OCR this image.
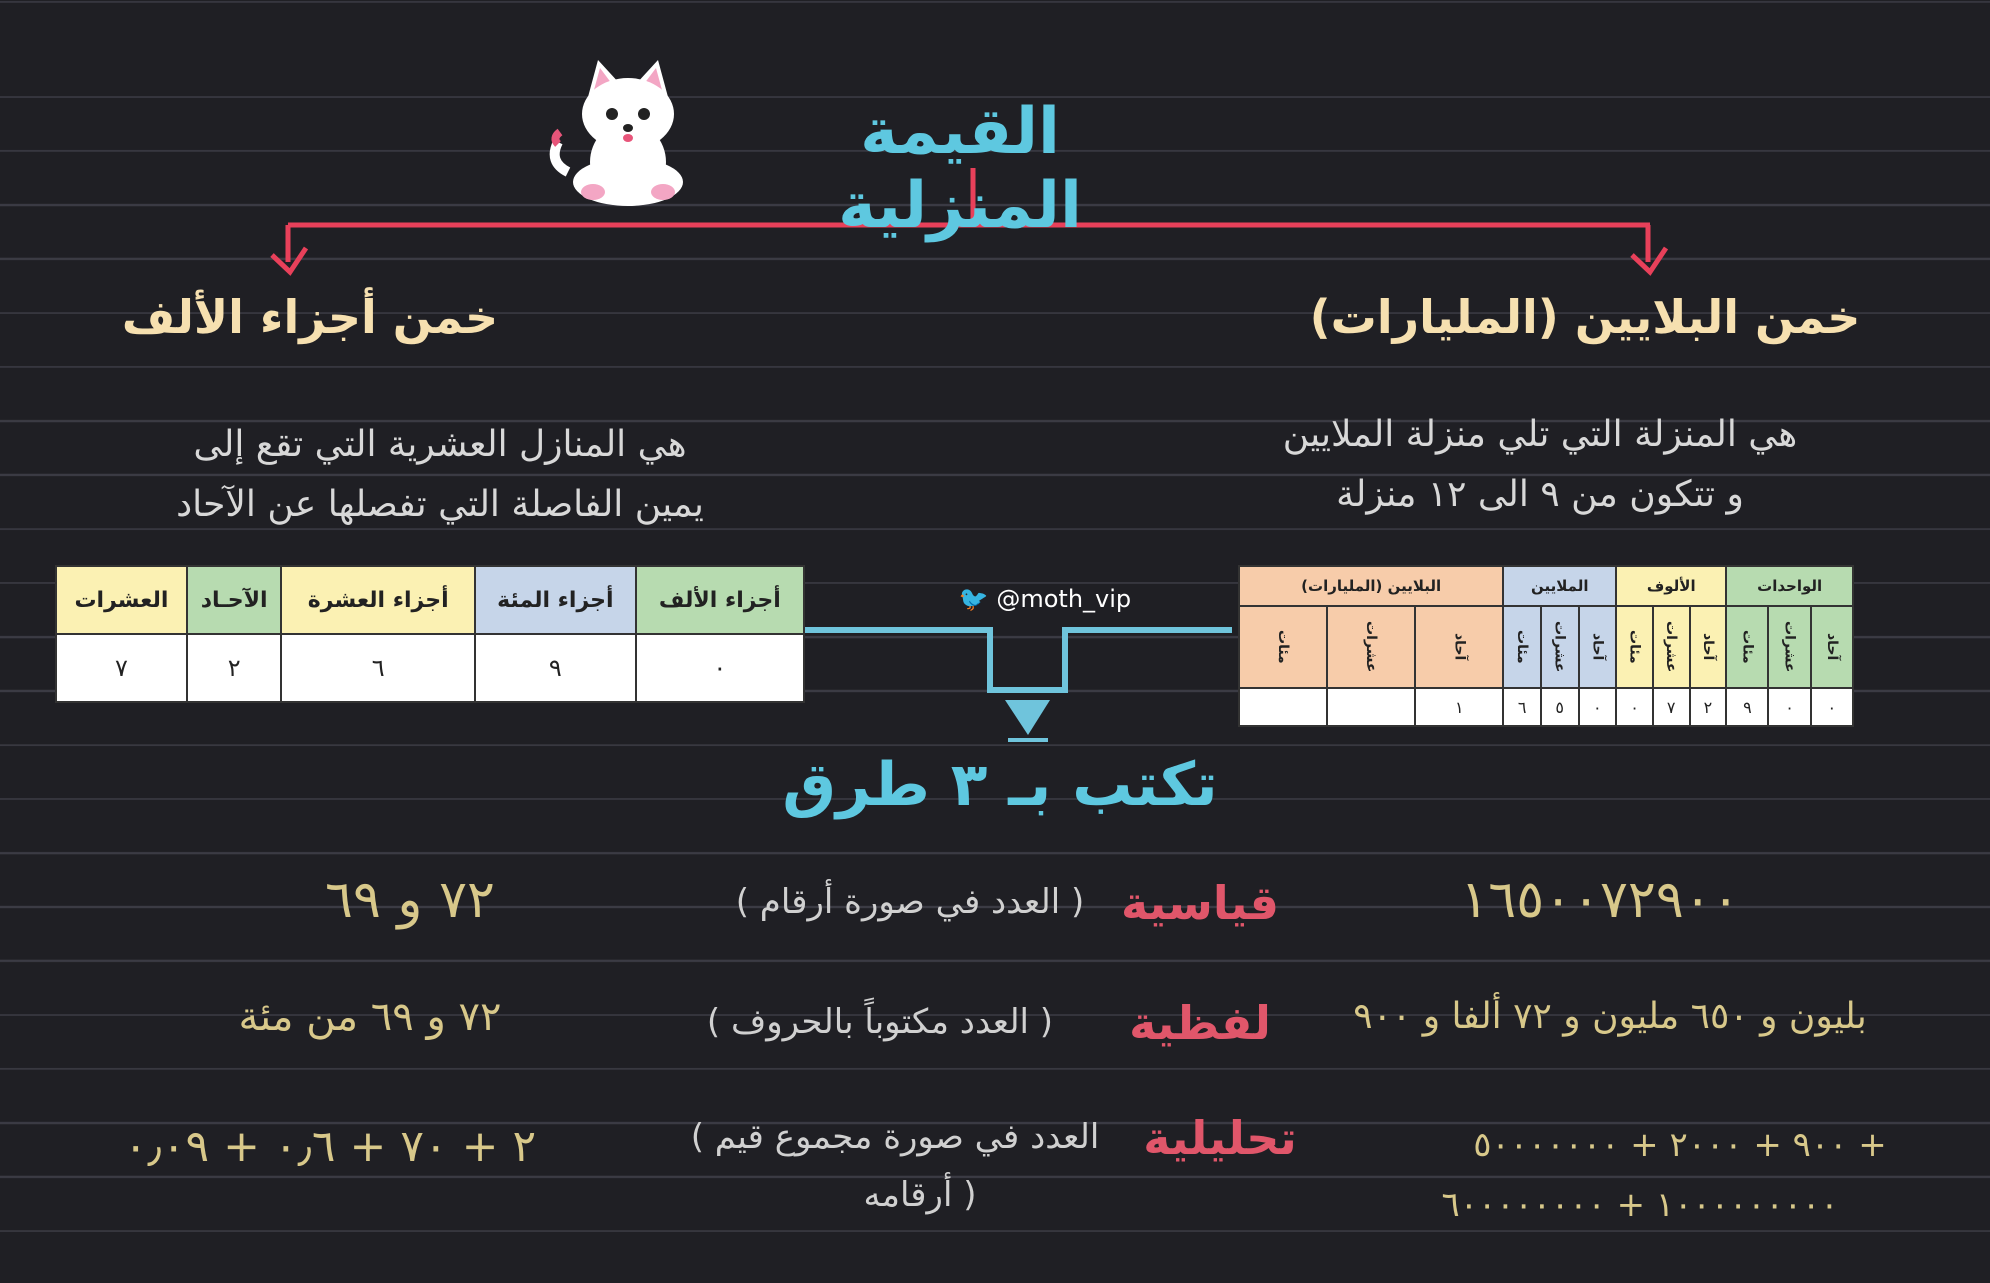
القيمة المنزلية
خمن البلايين (المليارات)
هي المنزلة التي تلي منزلة الملايين
و تتكون من ٩ الى ١٢ منزلة
خمن أجزاء الألف
هي المنازل العشرية التي تقع إلى
يمين الفاصلة التي تفصلها عن الآحاد
العشرات	الآحـاد	أجزاء العشرة	أجزاء المئة	أجزاء الألف
٧	٢	٦	٩	٠
البلايين (المليارات)			الملايين			الألوف			الواحدات		
مئات	عشرات	آحاد	مئات	عشرات	آحاد	مئات	عشرات	آحاد	مئات	عشرات	آحاد
		١	٦	٥	٠	٠	٧	٢	٩	٠	٠
🐦 @moth_vip
تكتب بـ ٣ طرق
١٦٥٠٠٧٢٩٠٠
قياسية
( العدد في صورة أرقام )
٧٢ و ٦٩
بليون و ٦٥٠ مليون و ٧٢ ألفا و ٩٠٠
لفظية
( العدد مكتوباً بالحروف )
٧٢ و ٦٩ من مئة
٩٠٠ + ٢٠٠٠ + ٥٠٠٠٠٠٠٠ +
١٠٠٠٠٠٠٠٠٠ + ٦٠٠٠٠٠٠٠٠
تحليلية
( العدد في صورة مجموع قيم
أرقامه )
٢ + ٧٠ + ٠٫٦ + ٠٫٠٩
